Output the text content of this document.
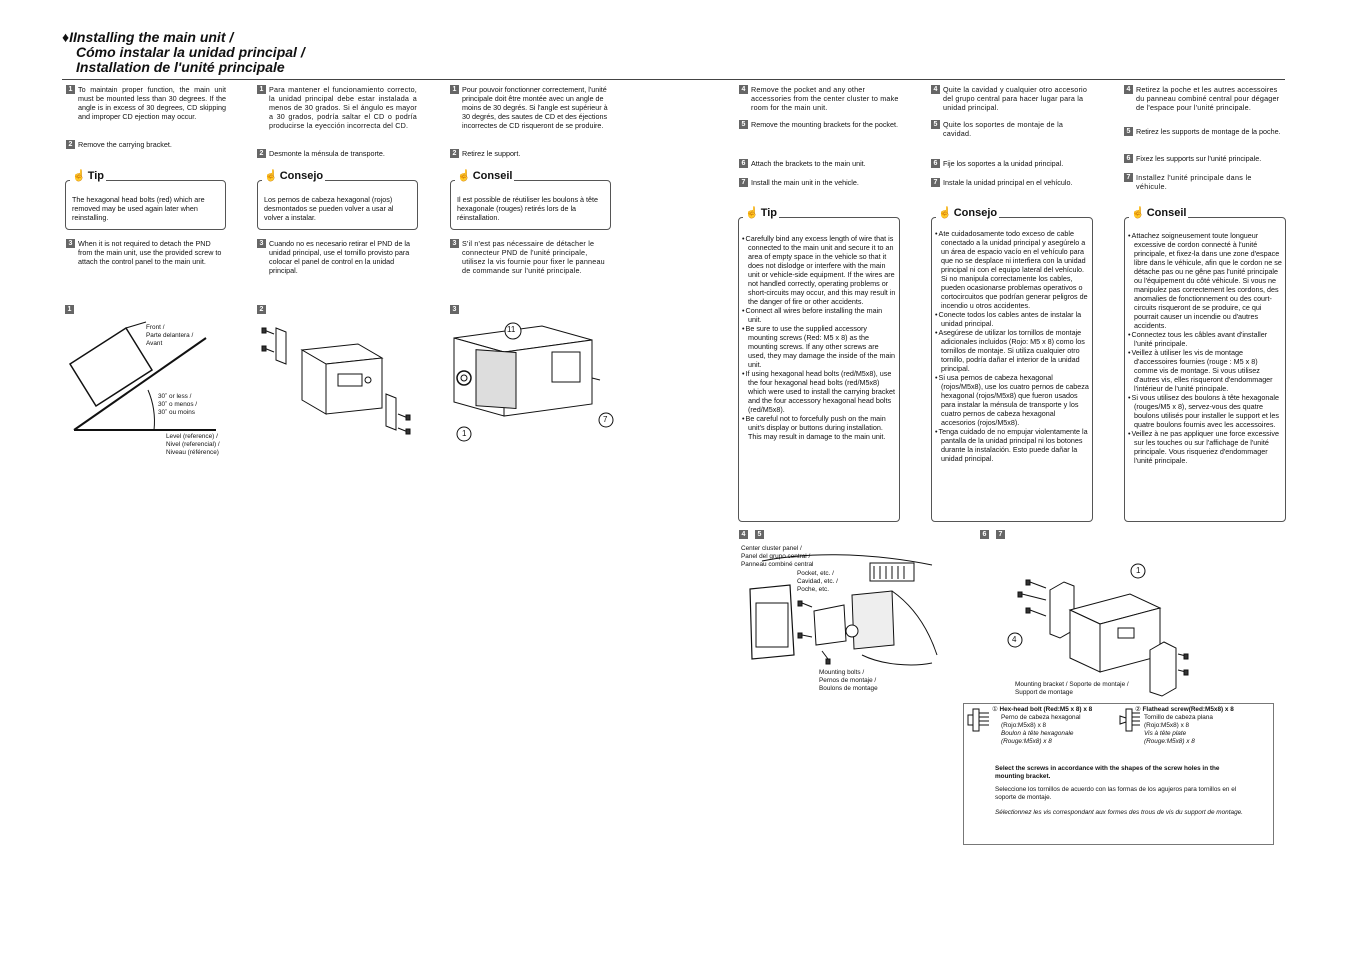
♦IInstalling the main unit /
Cómo instalar la unidad principal /
Installation de l'unité principale
1 To maintain proper function, the main unit must be mounted less than 30 degrees. If the angle is in excess of 30 degrees, CD skipping and improper CD ejection may occur.
2 Remove the carrying bracket.
☝ Tip
The hexagonal head bolts (red) which are removed may be used again later when reinstalling.
3 When it is not required to detach the PND from the main unit, use the provided screw to attach the control panel to the main unit.
1 Para mantener el funcionamiento correcto, la unidad principal debe estar instalada a menos de 30 grados. Si el ángulo es mayor a 30 grados, podría saltar el CD o podría producirse la eyección incorrecta del CD.
2 Desmonte la ménsula de transporte.
☝ Consejo
Los pernos de cabeza hexagonal (rojos) desmontados se pueden volver a usar al volver a instalar.
3 Cuando no es necesario retirar el PND de la unidad principal, use el tornillo provisto para colocar el panel de control en la unidad principal.
1 Pour pouvoir fonctionner correctement, l'unité principale doit être montée avec un angle de moins de 30 degrés. Si l'angle est supérieur à 30 degrés, des sautes de CD et des éjections incorrectes de CD risqueront de se produire.
2 Retirez le support.
☝ Conseil
Il est possible de réutiliser les boulons à tête hexagonale (rouges) retirés lors de la réinstallation.
3 S'il n'est pas nécessaire de détacher le connecteur PND de l'unité principale, utilisez la vis fournie pour fixer le panneau de commande sur l'unité principale.
1
Front /
Parte delantera /
Avant
30˚ or less /
30˚ o menos /
30˚ ou moins
Level (reference) /
Nivel (referencial) /
Niveau (référence)
2	3
11
1
7
4 Remove the pocket and any other accessories from the center cluster to make room for the main unit.
5 Remove the mounting brackets for the pocket.
6 Attach the brackets to the main unit.
7 Install the main unit in the vehicle.
☝ Tip
• Carefully bind any excess length of wire that is connected to the main unit and secure it to an area of empty space in the vehicle so that it does not dislodge or interfere with the main unit or vehicle-side equipment. If the wires are not handled correctly, operating problems or short-circuits may occur, and this may result in the danger of fire or other accidents.
• Connect all wires before installing the main unit.
• Be sure to use the supplied accessory mounting screws (Red: M5 x 8) as the mounting screws. If any other screws are used, they may damage the inside of the main unit.
• If using hexagonal head bolts (red/M5x8), use the four hexagonal head bolts (red/M5x8) which were used to install the carrying bracket and the four accessory hexagonal head bolts (red/M5x8).
• Be careful not to forcefully push on the main unit's display or buttons during installation. This may result in damage to the main unit.
4 Quite la cavidad y cualquier otro accesorio del grupo central para hacer lugar para la unidad principal.
5 Quite los soportes de montaje de la cavidad.
6 Fije los soportes a la unidad principal.
7 Instale la unidad principal en el vehículo.
☝ Consejo
• Ate cuidadosamente todo exceso de cable conectado a la unidad principal y asegúrelo a un área de espacio vacío en el vehículo para que no se desplace ni interfiera con la unidad principal ni con el equipo lateral del vehículo. Si no manipula correctamente los cables, pueden ocasionarse problemas operativos o cortocircuitos que podrían generar peligros de incendio u otros accidentes.
• Conecte todos los cables antes de instalar la unidad principal.
• Asegúrese de utilizar los tornillos de montaje adicionales incluidos (Rojo: M5 x 8) como los tornillos de montaje. Si utiliza cualquier otro tornillo, podría dañar el interior de la unidad principal.
• Si usa pernos de cabeza hexagonal (rojos/M5x8), use los cuatro pernos de cabeza hexagonal (rojos/M5x8) que fueron usados para instalar la ménsula de transporte y los cuatro pernos de cabeza hexagonal accesorios (rojos/M5x8).
• Tenga cuidado de no empujar violentamente la pantalla de la unidad principal ni los botones durante la instalación. Esto puede dañar la unidad principal.
4 Retirez la poche et les autres accessoires du panneau combiné central pour dégager de l'espace pour l'unité principale.
5 Retirez les supports de montage de la poche.
6 Fixez les supports sur l'unité principale.
7 Installez l'unité principale dans le véhicule.
☝ Conseil
• Attachez soigneusement toute longueur excessive de cordon connecté à l'unité principale, et fixez-la dans une zone d'espace libre dans le véhicule, afin que le cordon ne se détache pas ou ne gêne pas l'unité principale ou l'équipement du côté véhicule. Si vous ne manipulez pas correctement les cordons, des anomalies de fonctionnement ou des court-circuits risqueront de se produire, ce qui pourrait causer un incendie ou d'autres accidents.
• Connectez tous les câbles avant d'installer l'unité principale.
• Veillez à utiliser les vis de montage d'accessoires fournies (rouge : M5 x 8) comme vis de montage. Si vous utilisez d'autres vis, elles risqueront d'endommager l'intérieur de l'unité principale.
• Si vous utilisez des boulons à tête hexagonale (rouges/M5 x 8), servez-vous des quatre boulons utilisés pour installer le support et les quatre boulons fournis avec les accessoires.
• Veillez à ne pas appliquer une force excessive sur les touches ou sur l'affichage de l'unité principale. Vous risqueriez d'endommager l'unité principale.
4	5
Center cluster panel /
Panel del grupo central /
Panneau combiné central
Pocket, etc. /
Cavidad, etc. /
Poche, etc.
Mounting bolts /
Pernos de montaje /
Boulons de montage
6	7
1
4
Mounting bracket / Soporte de montaje /
Support de montage
① Hex-head bolt (Red:M5 x 8) x 8
Perno de cabeza hexagonal
(Rojo:M5x8) x 8
Boulon à tête hexagonale
(Rouge:M5x8) x 8
② Flathead screw(Red:M5x8) x 8
Tornillo de cabeza plana
(Rojo:M5x8) x 8
Vis à tête plate
(Rouge:M5x8) x 8
Select the screws in accordance with the shapes of the screw holes in the mounting bracket.
Seleccione los tornillos de acuerdo con las formas de los agujeros para tornillos en el soporte de montaje.
Sélectionnez les vis correspondant aux formes des trous de vis du support de montage.
